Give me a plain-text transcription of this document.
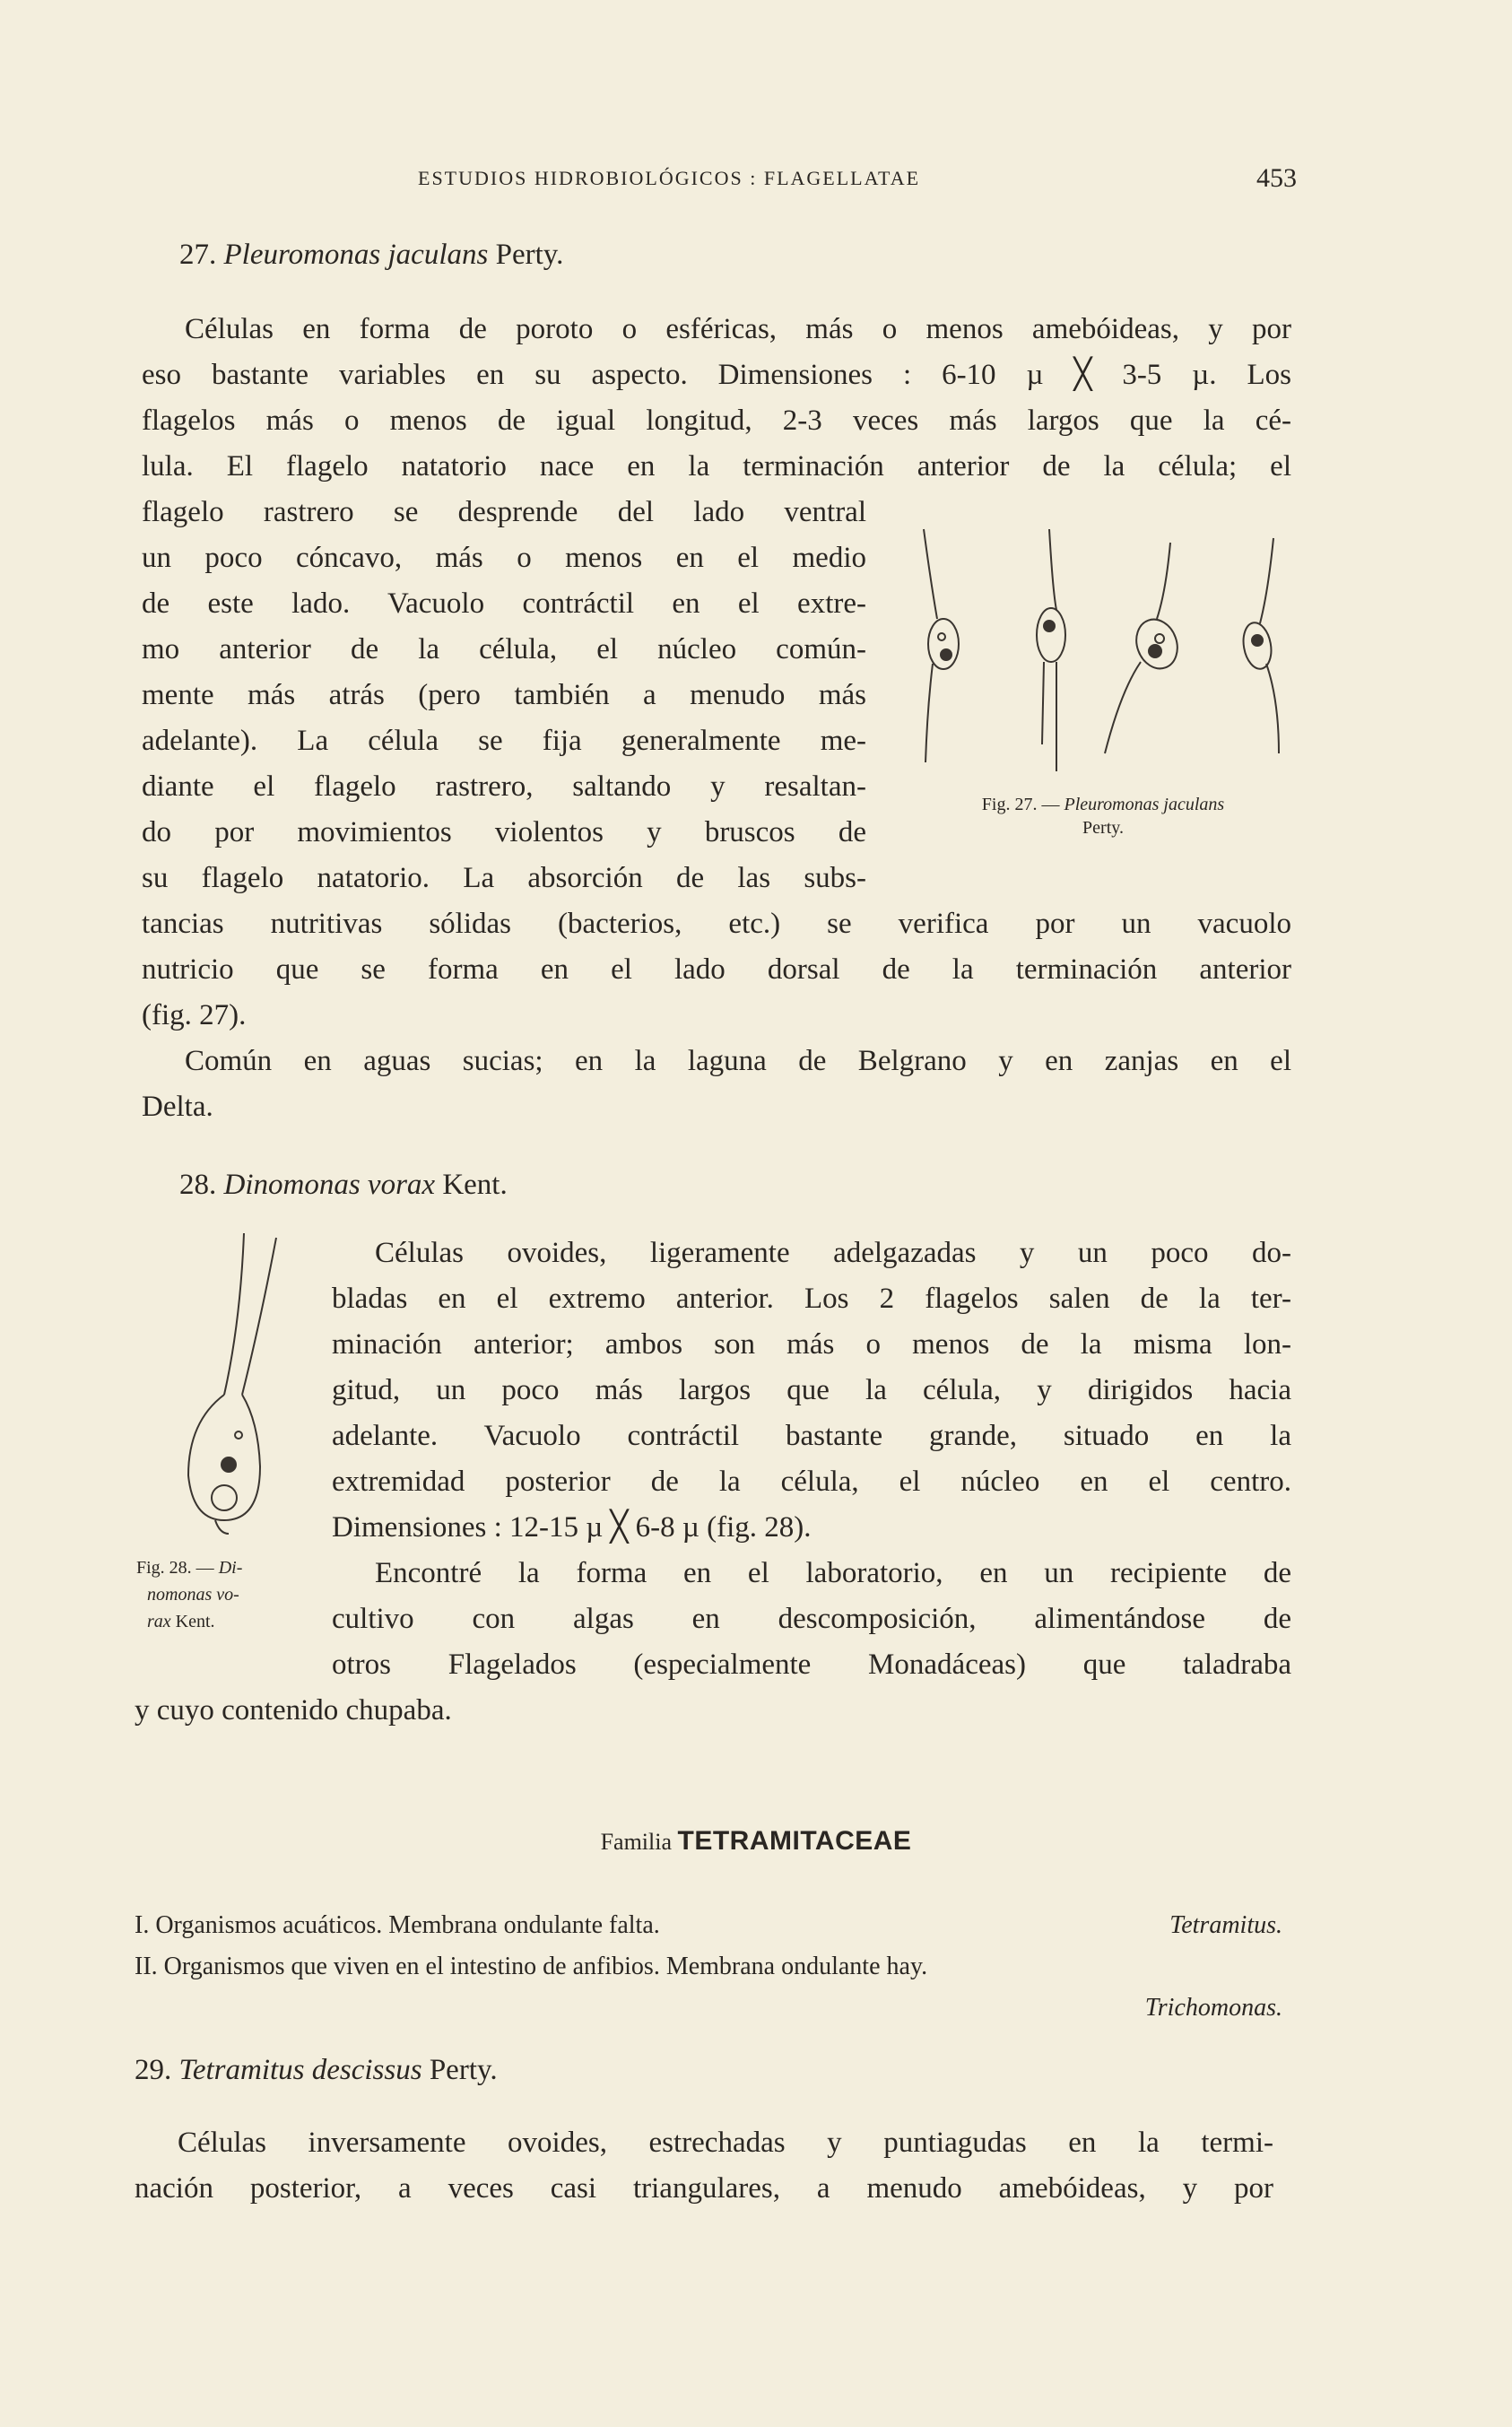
ESTUDIOS HIDROBIOLÓGICOS : FLAGELLATAE	453
27. Pleuromonas jaculans Perty.
Células en forma de poroto o esféricas, más o menos amebóideas, y por
eso bastante variables en su aspecto. Dimensiones : 6-10 µ ╳ 3-5 µ. Los
flagelos más o menos de igual longitud, 2-3 veces más largos que la cé-
lula. El flagelo natatorio nace en la terminación anterior de la célula; el
flagelo rastrero se desprende del lado ventral
un poco cóncavo, más o menos en el medio
de este lado. Vacuolo contráctil en el extre-
mo anterior de la célula, el núcleo común-
mente más atrás (pero también a menudo más
adelante). La célula se fija generalmente me-
diante el flagelo rastrero, saltando y resaltan-
do por movimientos violentos y bruscos de
su flagelo natatorio. La absorción de las subs-
tancias nutritivas sólidas (bacterios, etc.) se verifica por un vacuolo
nutricio que se forma en el lado dorsal de la terminación anterior
(fig. 27).
Común en aguas sucias; en la laguna de Belgrano y en zanjas en el
Delta.
Fig. 27. — Pleuromonas jaculans
Perty.
28. Dinomonas vorax Kent.
Células ovoides, ligeramente adelgazadas y un poco do-
bladas en el extremo anterior. Los 2 flagelos salen de la ter-
minación anterior; ambos son más o menos de la misma lon-
gitud, un poco más largos que la célula, y dirigidos hacia
adelante. Vacuolo contráctil bastante grande, situado en la
extremidad posterior de la célula, el núcleo en el centro.
Dimensiones : 12-15 µ ╳ 6-8 µ (fig. 28).
Encontré la forma en el laboratorio, en un recipiente de
cultivo con algas en descomposición, alimentándose de
otros Flagelados (especialmente Monadáceas) que taladraba
y cuyo contenido chupaba.
Fig. 28. — Di-
nomonas vo-
rax Kent.
Familia TETRAMITACEAE
I. Organismos acuáticos. Membrana ondulante falta.	Tetramitus.
II. Organismos que viven en el intestino de anfibios. Membrana ondulante hay.
Trichomonas.
29. Tetramitus descissus Perty.
Células inversamente ovoides, estrechadas y puntiagudas en la termi-
nación posterior, a veces casi triangulares, a menudo amebóideas, y por
